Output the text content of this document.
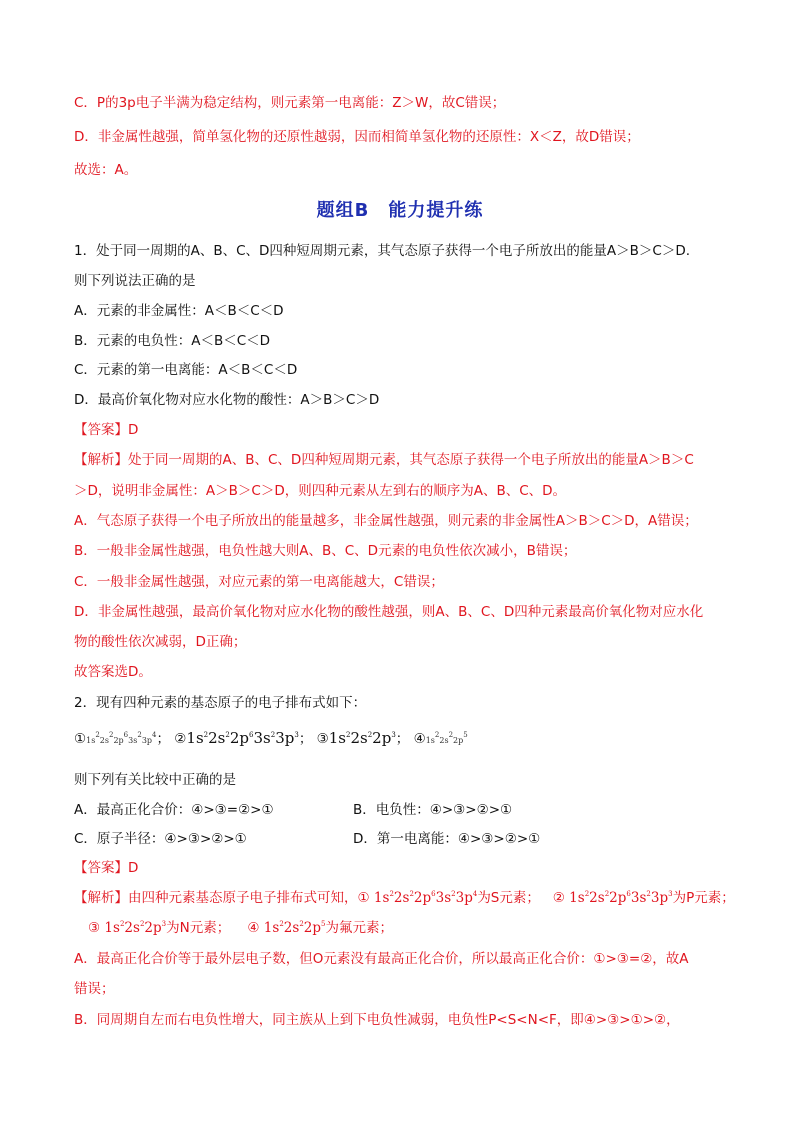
C．P的3p电子半满为稳定结构，则元素第一电离能：Z＞W，故C错误；
D．非金属性越强，简单氢化物的还原性越弱，因而相简单氢化物的还原性：X＜Z，故D错误；
故选：A。
题组B　能力提升练
1．处于同一周期的A、B、C、D四种短周期元素，其气态原子获得一个电子所放出的能量A＞B＞C＞D.
则下列说法正确的是
A．元素的非金属性：A＜B＜C＜D
B．元素的电负性：A＜B＜C＜D
C．元素的第一电离能：A＜B＜C＜D
D．最高价氧化物对应水化物的酸性：A＞B＞C＞D
【答案】D
【解析】处于同一周期的A、B、C、D四种短周期元素，其气态原子获得一个电子所放出的能量A＞B＞C
＞D，说明非金属性：A＞B＞C＞D，则四种元素从左到右的顺序为A、B、C、D。
A．气态原子获得一个电子所放出的能量越多，非金属性越强，则元素的非金属性A＞B＞C＞D，A错误；
B．一般非金属性越强，电负性越大则A、B、C、D元素的电负性依次减小，B错误；
C．一般非金属性越强，对应元素的第一电离能越大，C错误；
D．非金属性越强，最高价氧化物对应水化物的酸性越强，则A、B、C、D四种元素最高价氧化物对应水化
物的酸性依次减弱，D正确；
故答案选D。
2．现有四种元素的基态原子的电子排布式如下：
$①1s^22s^22p^63s^23p^4$； $②1s^22s^22p^63s^23p^3$； $③1s^22s^22p^3$； $④1s^22s^22p^5$
则下列有关比较中正确的是
A．最高正化合价：④>③=②>①	B．电负性：④>③>②>①
C．原子半径：④>③>②>①	D．第一电离能：④>③>②>①
【答案】D
【解析】由四种元素基态原子电子排布式可知，① $1s^22s^22p^63s^23p^4$为S元素； ② $1s^22s^22p^63s^23p^3$为P元素；
③ $1s^22s^22p^3$为N元素； ④ $1s^22s^22p^5$为氟元素；
A．最高正化合价等于最外层电子数，但O元素没有最高正化合价，所以最高正化合价：①>③=②，故A
错误；
B．同周期自左而右电负性增大，同主族从上到下电负性减弱，电负性P<S<N<F，即④>③>①>②，
